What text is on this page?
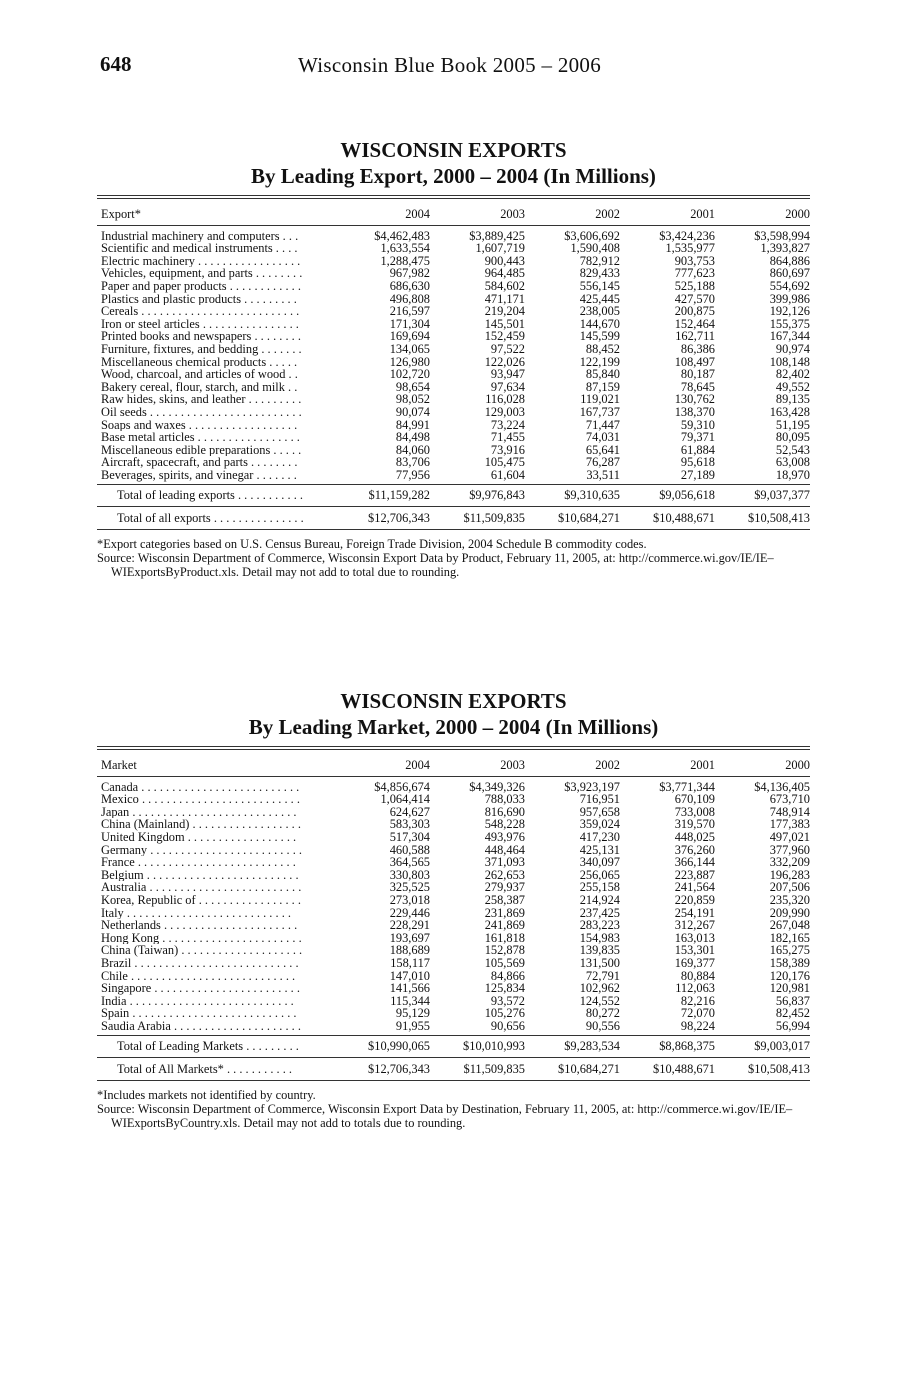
648	Wisconsin Blue Book 2005 – 2006
WISCONSIN EXPORTS
By Leading Export, 2000 – 2004 (In Millions)
Export*	2004	2003	2002	2001	2000
Industrial machinery and computers . . .	$4,462,483	$3,889,425	$3,606,692	$3,424,236	$3,598,994
Scientific and medical instruments . . . .	1,633,554	1,607,719	1,590,408	1,535,977	1,393,827
Electric machinery . . . . . . . . . . . . . . . . .	1,288,475	900,443	782,912	903,753	864,886
Vehicles, equipment, and parts . . . . . . . .	967,982	964,485	829,433	777,623	860,697
Paper and paper products . . . . . . . . . . . .	686,630	584,602	556,145	525,188	554,692
Plastics and plastic products . . . . . . . . .	496,808	471,171	425,445	427,570	399,986
Cereals . . . . . . . . . . . . . . . . . . . . . . . . . .	216,597	219,204	238,005	200,875	192,126
Iron or steel articles . . . . . . . . . . . . . . . .	171,304	145,501	144,670	152,464	155,375
Printed books and newspapers . . . . . . . .	169,694	152,459	145,599	162,711	167,344
Furniture, fixtures, and bedding . . . . . . .	134,065	97,522	88,452	86,386	90,974
Miscellaneous chemical products . . . . .	126,980	122,026	122,199	108,497	108,148
Wood, charcoal, and articles of wood . .	102,720	93,947	85,840	80,187	82,402
Bakery cereal, flour, starch, and milk . .	98,654	97,634	87,159	78,645	49,552
Raw hides, skins, and leather . . . . . . . . .	98,052	116,028	119,021	130,762	89,135
Oil seeds . . . . . . . . . . . . . . . . . . . . . . . . .	90,074	129,003	167,737	138,370	163,428
Soaps and waxes . . . . . . . . . . . . . . . . . .	84,991	73,224	71,447	59,310	51,195
Base metal articles . . . . . . . . . . . . . . . . .	84,498	71,455	74,031	79,371	80,095
Miscellaneous edible preparations . . . . .	84,060	73,916	65,641	61,884	52,543
Aircraft, spacecraft, and parts . . . . . . . .	83,706	105,475	76,287	95,618	63,008
Beverages, spirits, and vinegar . . . . . . .	77,956	61,604	33,511	27,189	18,970
Total of leading exports . . . . . . . . . . .	$11,159,282	$9,976,843	$9,310,635	$9,056,618	$9,037,377
Total of all exports . . . . . . . . . . . . . . .	$12,706,343	$11,509,835	$10,684,271	$10,488,671	$10,508,413

*Export categories based on U.S. Census Bureau, Foreign Trade Division, 2004 Schedule B commodity codes.

Source: Wisconsin Department of Commerce, Wisconsin Export Data by Product, February 11, 2005, at: http://commerce.wi.gov/IE/IE–WIExportsByProduct.xls. Detail may not add to total due to rounding.

WISCONSIN EXPORTS
By Leading Market, 2000 – 2004 (In Millions)
Market	2004	2003	2002	2001	2000
Canada . . . . . . . . . . . . . . . . . . . . . . . . . .	$4,856,674	$4,349,326	$3,923,197	$3,771,344	$4,136,405
Mexico . . . . . . . . . . . . . . . . . . . . . . . . . .	1,064,414	788,033	716,951	670,109	673,710
Japan . . . . . . . . . . . . . . . . . . . . . . . . . . .	624,627	816,690	957,658	733,008	748,914
China (Mainland) . . . . . . . . . . . . . . . . . .	583,303	548,228	359,024	319,570	177,383
United Kingdom . . . . . . . . . . . . . . . . . .	517,304	493,976	417,230	448,025	497,021
Germany . . . . . . . . . . . . . . . . . . . . . . . . .	460,588	448,464	425,131	376,260	377,960
France . . . . . . . . . . . . . . . . . . . . . . . . . .	364,565	371,093	340,097	366,144	332,209
Belgium . . . . . . . . . . . . . . . . . . . . . . . . .	330,803	262,653	256,065	223,887	196,283
Australia . . . . . . . . . . . . . . . . . . . . . . . . .	325,525	279,937	255,158	241,564	207,506
Korea, Republic of . . . . . . . . . . . . . . . . .	273,018	258,387	214,924	220,859	235,320
Italy . . . . . . . . . . . . . . . . . . . . . . . . . . .	229,446	231,869	237,425	254,191	209,990
Netherlands . . . . . . . . . . . . . . . . . . . . . .	228,291	241,869	283,223	312,267	267,048
Hong Kong . . . . . . . . . . . . . . . . . . . . . . .	193,697	161,818	154,983	163,013	182,165
China (Taiwan) . . . . . . . . . . . . . . . . . . . .	188,689	152,878	139,835	153,301	165,275
Brazil . . . . . . . . . . . . . . . . . . . . . . . . . . .	158,117	105,569	131,500	169,377	158,389
Chile . . . . . . . . . . . . . . . . . . . . . . . . . . .	147,010	84,866	72,791	80,884	120,176
Singapore . . . . . . . . . . . . . . . . . . . . . . . .	141,566	125,834	102,962	112,063	120,981
India . . . . . . . . . . . . . . . . . . . . . . . . . . .	115,344	93,572	124,552	82,216	56,837
Spain . . . . . . . . . . . . . . . . . . . . . . . . . . .	95,129	105,276	80,272	72,070	82,452
Saudia Arabia . . . . . . . . . . . . . . . . . . . . .	91,955	90,656	90,556	98,224	56,994
Total of Leading Markets . . . . . . . . .	$10,990,065	$10,010,993	$9,283,534	$8,868,375	$9,003,017
Total of All Markets* . . . . . . . . . . .	$12,706,343	$11,509,835	$10,684,271	$10,488,671	$10,508,413

*Includes markets not identified by country.

Source: Wisconsin Department of Commerce, Wisconsin Export Data by Destination, February 11, 2005, at: http://commerce.wi.gov/IE/IE–WIExportsByCountry.xls. Detail may not add to totals due to rounding.
